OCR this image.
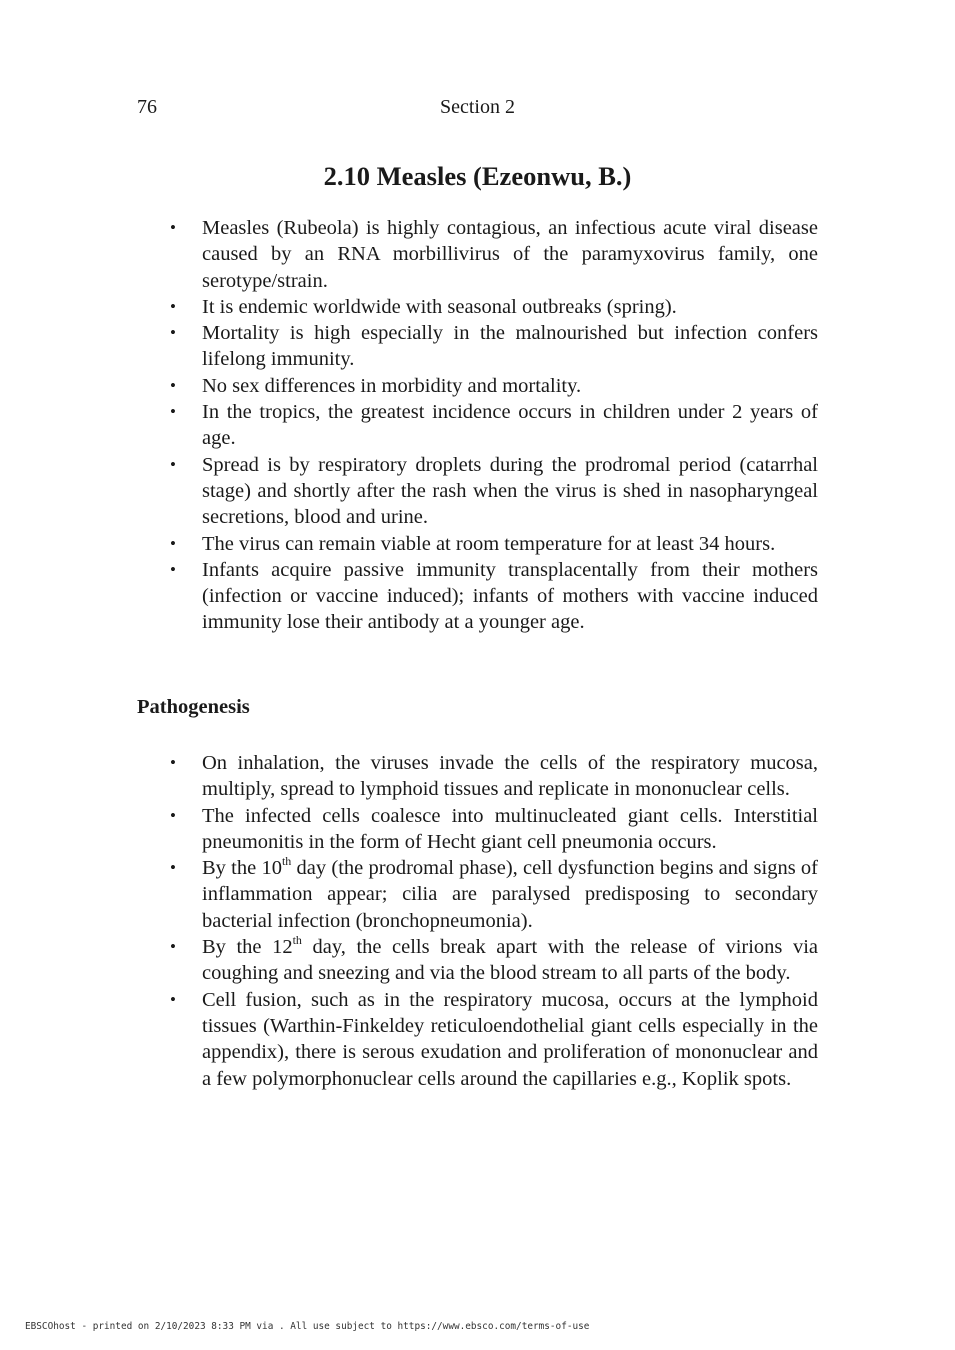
76	Section 2
2.10 Measles (Ezeonwu, B.)
• Measles (Rubeola) is highly contagious, an infectious acute viral disease caused by an RNA morbillivirus of the paramyxovirus family, one serotype/strain.
• It is endemic worldwide with seasonal outbreaks (spring).
• Mortality is high especially in the malnourished but infection confers lifelong immunity.
• No sex differences in morbidity and mortality.
• In the tropics, the greatest incidence occurs in children under 2 years of age.
• Spread is by respiratory droplets during the prodromal period (catarrhal stage) and shortly after the rash when the virus is shed in nasopharyngeal secretions, blood and urine.
• The virus can remain viable at room temperature for at least 34 hours.
• Infants acquire passive immunity transplacentally from their mothers (infection or vaccine induced); infants of mothers with vaccine induced immunity lose their antibody at a younger age.
Pathogenesis
• On inhalation, the viruses invade the cells of the respiratory mucosa, multiply, spread to lymphoid tissues and replicate in mononuclear cells.
• The infected cells coalesce into multinucleated giant cells. Interstitial pneumonitis in the form of Hecht giant cell pneumonia occurs.
• By the 10th day (the prodromal phase), cell dysfunction begins and signs of inflammation appear; cilia are paralysed predisposing to secondary bacterial infection (bronchopneumonia).
• By the 12th day, the cells break apart with the release of virions via coughing and sneezing and via the blood stream to all parts of the body.
• Cell fusion, such as in the respiratory mucosa, occurs at the lymphoid tissues (Warthin-Finkeldey reticuloendothelial giant cells especially in the appendix), there is serous exudation and proliferation of mononuclear and a few polymorphonuclear cells around the capillaries e.g., Koplik spots.
EBSCOhost - printed on 2/10/2023 8:33 PM via . All use subject to https://www.ebsco.com/terms-of-use
